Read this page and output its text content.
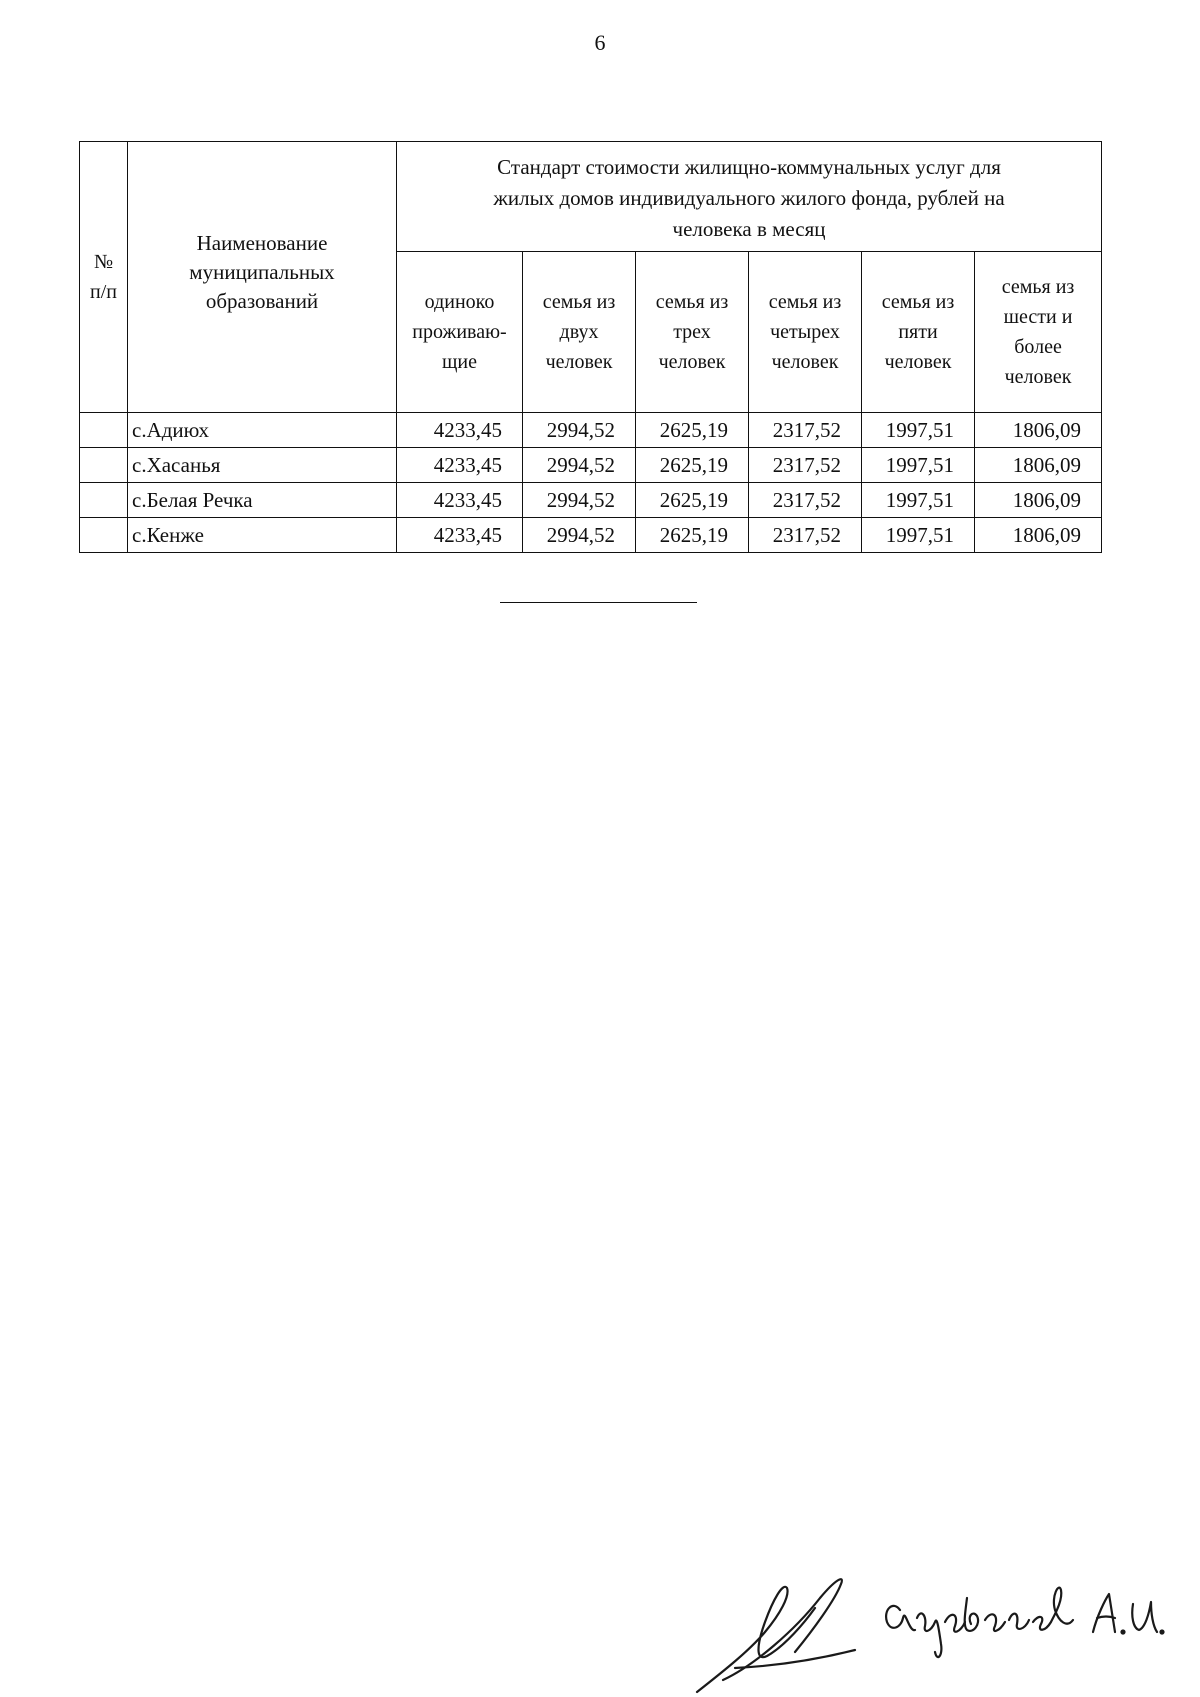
6
№ п/п	Наименование муниципальных образований	Стандарт стоимости жилищно-коммунальных услуг для жилых домов индивидуального жилого фонда, рублей на человека в месяц					

		одиноко проживаю-щие	семья из двух человек	семья из трех человек	семья из четырех человек	семья из пяти человек	семья из шести и более человек

	с.Адиюх	4233,45	2994,52	2625,19	2317,52	1997,51	1806,09
	с.Хасанья	4233,45	2994,52	2625,19	2317,52	1997,51	1806,09
	с.Белая Речка	4233,45	2994,52	2625,19	2317,52	1997,51	1806,09
	с.Кенже	4233,45	2994,52	2625,19	2317,52	1997,51	1806,09
